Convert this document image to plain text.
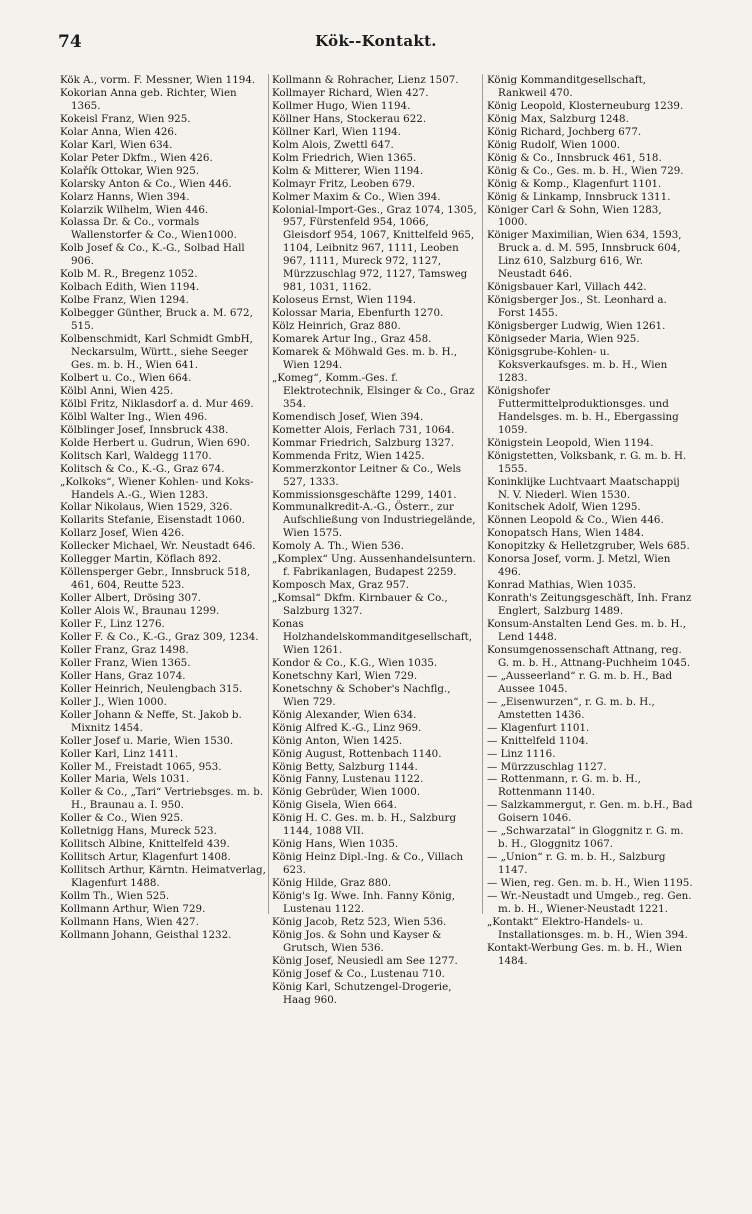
74	Kök--Kontakt.
Kök A., vorm. F. Messner, Wien 1194.
Kokorian Anna geb. Richter, Wien 1365.
Kokeisl Franz, Wien 925.
Kolar Anna, Wien 426.
Kolar Karl, Wien 634.
Kolar Peter Dkfm., Wien 426.
Kolařík Ottokar, Wien 925.
Kolarsky Anton & Co., Wien 446.
Kolarz Hanns, Wien 394.
Kolarzik Wilhelm, Wien 446.
Kolassa Dr. & Co., vormals Wallenstorfer & Co., Wien1000.
Kolb Josef & Co., K.-G., Solbad Hall 906.
Kolb M. R., Bregenz 1052.
Kolbach Edith, Wien 1194.
Kolbe Franz, Wien 1294.
Kolbegger Günther, Bruck a. M. 672, 515.
Kolbenschmidt, Karl Schmidt GmbH, Neckarsulm, Württ., siehe Seeger Ges. m. b. H., Wien 641.
Kolbert u. Co., Wien 664.
Kölbl Anni, Wien 425.
Kölbl Fritz, Niklasdorf a. d. Mur 469.
Kölbl Walter Ing., Wien 496.
Kölblinger Josef, Innsbruck 438.
Kolde Herbert u. Gudrun, Wien 690.
Kolitsch Karl, Waldegg 1170.
Kolitsch & Co., K.-G., Graz 674.
„Kolkoks“, Wiener Kohlen- und Koks-Handels A.-G., Wien 1283.
Kollar Nikolaus, Wien 1529, 326.
Kollarits Stefanie, Eisenstadt 1060.
Kollarz Josef, Wien 426.
Kollecker Michael, Wr. Neustadt 646.
Kollegger Martin, Köflach 892.
Köllensperger Gebr., Innsbruck 518, 461, 604, Reutte 523.
Koller Albert, Drösing 307.
Koller Alois W., Braunau 1299.
Koller F., Linz 1276.
Koller F. & Co., K.-G., Graz 309, 1234.
Koller Franz, Graz 1498.
Koller Franz, Wien 1365.
Koller Hans, Graz 1074.
Koller Heinrich, Neulengbach 315.
Koller J., Wien 1000.
Koller Johann & Neffe, St. Jakob b. Mixnitz 1454.
Koller Josef u. Marie, Wien 1530.
Koller Karl, Linz 1411.
Koller M., Freistadt 1065, 953.
Koller Maria, Wels 1031.
Koller & Co., „Tari“ Vertriebsges. m. b. H., Braunau a. I. 950.
Koller & Co., Wien 925.
Kolletnigg Hans, Mureck 523.
Kollitsch Albine, Knittelfeld 439.
Kollitsch Artur, Klagenfurt 1408.
Kollitsch Arthur, Kärntn. Heimatverlag, Klagenfurt 1488.
Kollm Th., Wien 525.
Kollmann Arthur, Wien 729.
Kollmann Hans, Wien 427.
Kollmann Johann, Geisthal 1232.
Kollmann & Rohracher, Lienz 1507.
Kollmayer Richard, Wien 427.
Kollmer Hugo, Wien 1194.
Köllner Hans, Stockerau 622.
Köllner Karl, Wien 1194.
Kolm Alois, Zwettl 647.
Kolm Friedrich, Wien 1365.
Kolm & Mitterer, Wien 1194.
Kolmayr Fritz, Leoben 679.
Kolmer Maxim & Co., Wien 394.
Kolonial-Import-Ges., Graz 1074, 1305, 957, Fürstenfeld 954, 1066, Gleisdorf 954, 1067, Knittelfeld 965, 1104, Leibnitz 967, 1111, Leoben 967, 1111, Mureck 972, 1127, Mürzzuschlag 972, 1127, Tamsweg 981, 1031, 1162.
Koloseus Ernst, Wien 1194.
Kolossar Maria, Ebenfurth 1270.
Kölz Heinrich, Graz 880.
Komarek Artur Ing., Graz 458.
Komarek & Möhwald Ges. m. b. H., Wien 1294.
„Komeg“, Komm.-Ges. f. Elektrotechnik, Elsinger & Co., Graz 354.
Komendisch Josef, Wien 394.
Kometter Alois, Ferlach 731, 1064.
Kommar Friedrich, Salzburg 1327.
Kommenda Fritz, Wien 1425.
Kommerzkontor Leitner & Co., Wels 527, 1333.
Kommissionsgeschäfte 1299, 1401.
Kommunalkredit-A.-G., Österr., zur Aufschließung von Industriegelände, Wien 1575.
Komoly A. Th., Wien 536.
„Komplex“ Ung. Aussenhandelsuntern. f. Fabrikanlagen, Budapest 2259.
Komposch Max, Graz 957.
„Komsal“ Dkfm. Kirnbauer & Co., Salzburg 1327.
Konas Holzhandelskommanditgesellschaft, Wien 1261.
Kondor & Co., K.G., Wien 1035.
Konetschny Karl, Wien 729.
Konetschny & Schober's Nachflg., Wien 729.
König Alexander, Wien 634.
König Alfred K.-G., Linz 969.
König Anton, Wien 1425.
König August, Rottenbach 1140.
König Betty, Salzburg 1144.
König Fanny, Lustenau 1122.
König Gebrüder, Wien 1000.
König Gisela, Wien 664.
König H. C. Ges. m. b. H., Salzburg 1144, 1088 VII.
König Hans, Wien 1035.
König Heinz Dipl.-Ing. & Co., Villach 623.
König Hilde, Graz 880.
König's Ig. Wwe. Inh. Fanny König, Lustenau 1122.
König Jacob, Retz 523, Wien 536.
König Jos. & Sohn und Kayser & Grutsch, Wien 536.
König Josef, Neusiedl am See 1277.
König Josef & Co., Lustenau 710.
König Karl, Schutzengel-Drogerie, Haag 960.
König Kommanditgesellschaft, Rankweil 470.
König Leopold, Klosterneuburg 1239.
König Max, Salzburg 1248.
König Richard, Jochberg 677.
König Rudolf, Wien 1000.
König & Co., Innsbruck 461, 518.
König & Co., Ges. m. b. H., Wien 729.
König & Komp., Klagenfurt 1101.
König & Linkamp, Innsbruck 1311.
Königer Carl & Sohn, Wien 1283, 1000.
Königer Maximilian, Wien 634, 1593, Bruck a. d. M. 595, Innsbruck 604, Linz 610, Salzburg 616, Wr. Neustadt 646.
Königsbauer Karl, Villach 442.
Königsberger Jos., St. Leonhard a. Forst 1455.
Königsberger Ludwig, Wien 1261.
Königseder Maria, Wien 925.
Königsgrube-Kohlen- u. Koksverkaufsges. m. b. H., Wien 1283.
Königshofer Futtermittelproduktionsges. und Handelsges. m. b. H., Ebergassing 1059.
Königstein Leopold, Wien 1194.
Königstetten, Volksbank, r. G. m. b. H. 1555.
Koninklijke Luchtvaart Maatschappij N. V. Niederl. Wien 1530.
Konitschek Adolf, Wien 1295.
Können Leopold & Co., Wien 446.
Konopatsch Hans, Wien 1484.
Konopitzky & Helletzgruber, Wels 685.
Konorsa Josef, vorm. J. Metzl, Wien 496.
Konrad Mathias, Wien 1035.
Konrath's Zeitungsgeschäft, Inh. Franz Englert, Salzburg 1489.
Konsum-Anstalten Lend Ges. m. b. H., Lend 1448.
Konsumgenossenschaft Attnang, reg. G. m. b. H., Attnang-Puchheim 1045.
— „Ausseerland“ r. G. m. b. H., Bad Aussee 1045.
— „Eisenwurzen“, r. G. m. b. H., Amstetten 1436.
— Klagenfurt 1101.
— Knittelfeld 1104.
— Linz 1116.
— Mürzzuschlag 1127.
— Rottenmann, r. G. m. b. H., Rottenmann 1140.
— Salzkammergut, r. Gen. m. b.H., Bad Goisern 1046.
— „Schwarzatal“ in Gloggnitz r. G. m. b. H., Gloggnitz 1067.
— „Union“ r. G. m. b. H., Salzburg 1147.
— Wien, reg. Gen. m. b. H., Wien 1195.
— Wr.-Neustadt und Umgeb., reg. Gen. m. b. H., Wiener-Neustadt 1221.
„Kontakt“ Elektro-Handels- u. Installationsges. m. b. H., Wien 394.
Kontakt-Werbung Ges. m. b. H., Wien 1484.
